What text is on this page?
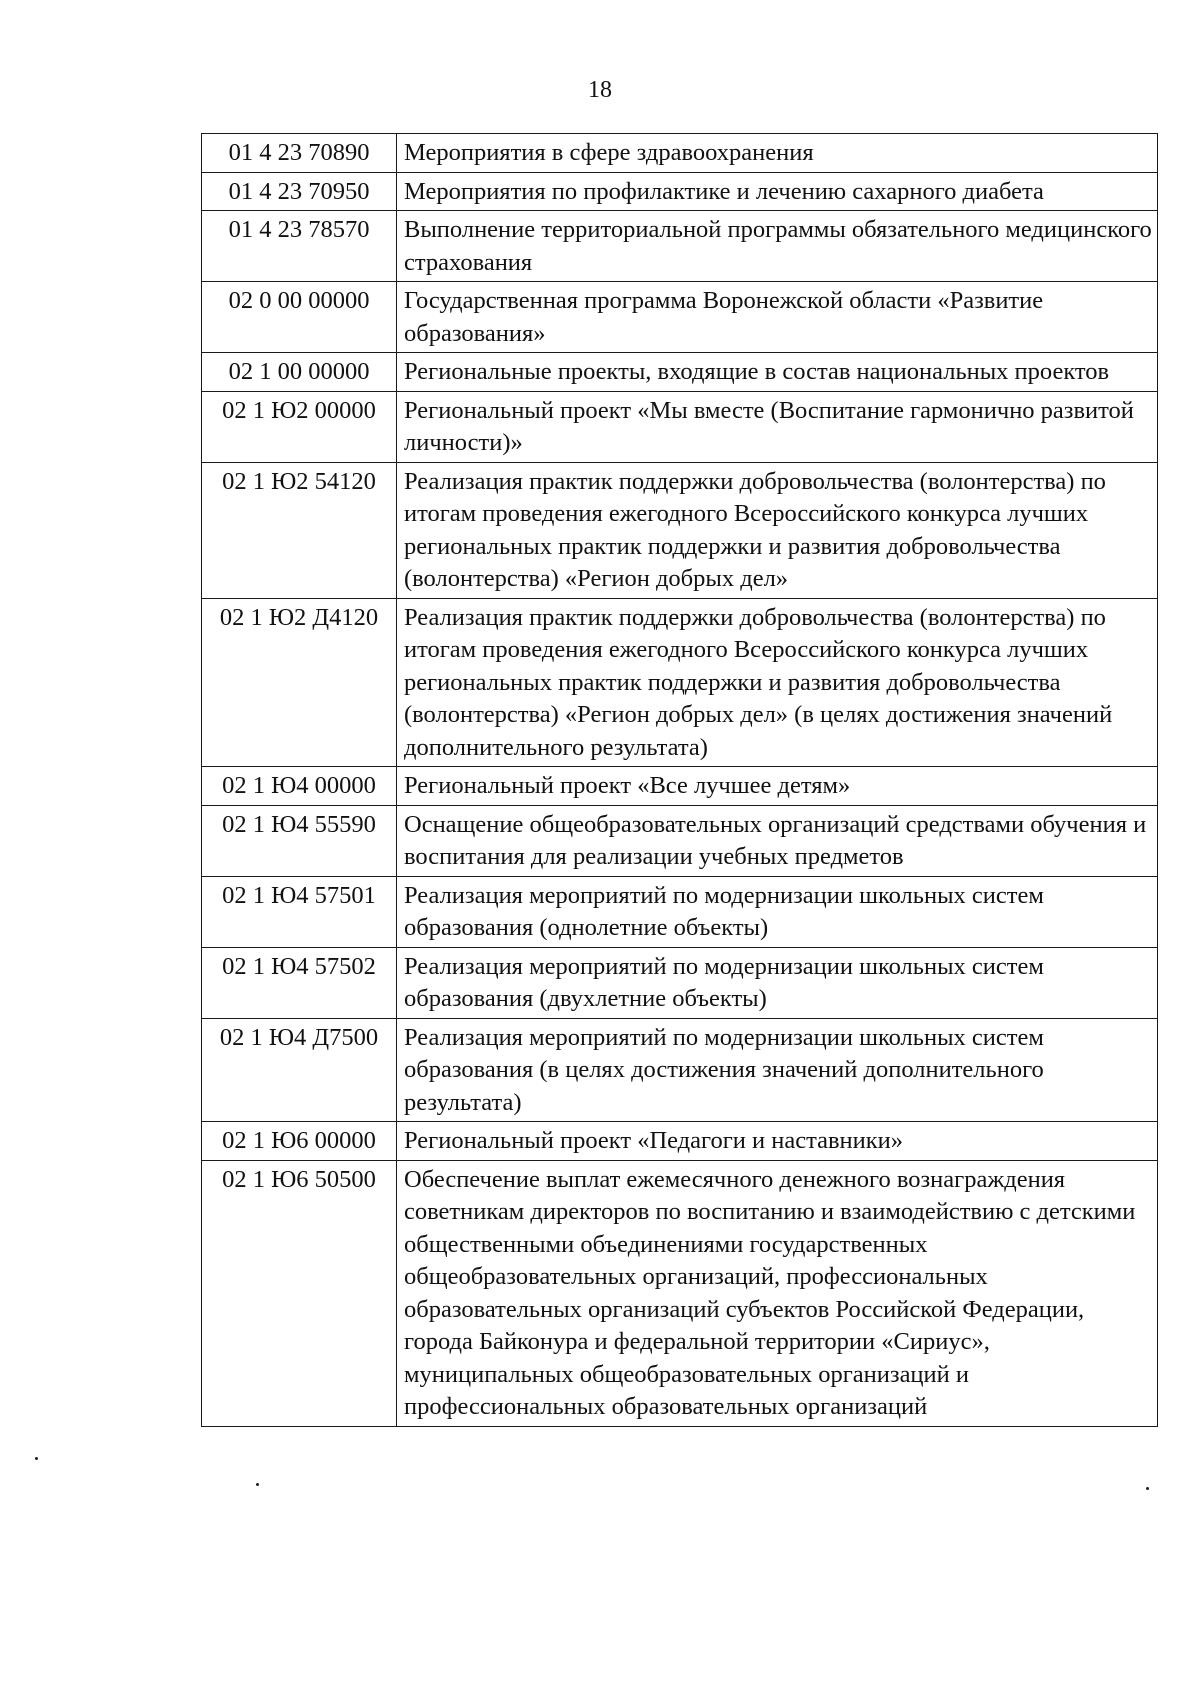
18
01 4 23 70890	Мероприятия в сфере здравоохранения
01 4 23 70950	Мероприятия по профилактике и лечению сахарного диабета
01 4 23 78570	Выполнение территориальной программы обязательного медицинского страхования
02 0 00 00000	Государственная программа Воронежской области «Развитие образования»
02 1 00 00000	Региональные проекты, входящие в состав национальных проектов
02 1 Ю2 00000	Региональный проект «Мы вместе (Воспитание гармонично развитой личности)»
02 1 Ю2 54120	Реализация практик поддержки добровольчества (волонтерства) по итогам проведения ежегодного Всероссийского конкурса лучших региональных практик поддержки и развития добровольчества (волонтерства) «Регион добрых дел»
02 1 Ю2 Д4120	Реализация практик поддержки добровольчества (волонтерства) по итогам проведения ежегодного Всероссийского конкурса лучших региональных практик поддержки и развития добровольчества (волонтерства) «Регион добрых дел» (в целях достижения значений дополнительного результата)
02 1 Ю4 00000	Региональный проект «Все лучшее детям»
02 1 Ю4 55590	Оснащение общеобразовательных организаций средствами обучения и воспитания для реализации учебных предметов
02 1 Ю4 57501	Реализация мероприятий по модернизации школьных систем образования (однолетние объекты)
02 1 Ю4 57502	Реализация мероприятий по модернизации школьных систем образования (двухлетние объекты)
02 1 Ю4 Д7500	Реализация мероприятий по модернизации школьных систем образования (в целях достижения значений дополнительного результата)
02 1 Ю6 00000	Региональный проект «Педагоги и наставники»
02 1 Ю6 50500	Обеспечение выплат ежемесячного денежного вознаграждения советникам директоров по воспитанию и взаимодействию с детскими общественными объединениями государственных общеобразовательных организаций, профессиональных образовательных организаций субъектов Российской Федерации, города Байконура и федеральной территории «Сириус», муниципальных общеобразовательных организаций и профессиональных образовательных организаций
